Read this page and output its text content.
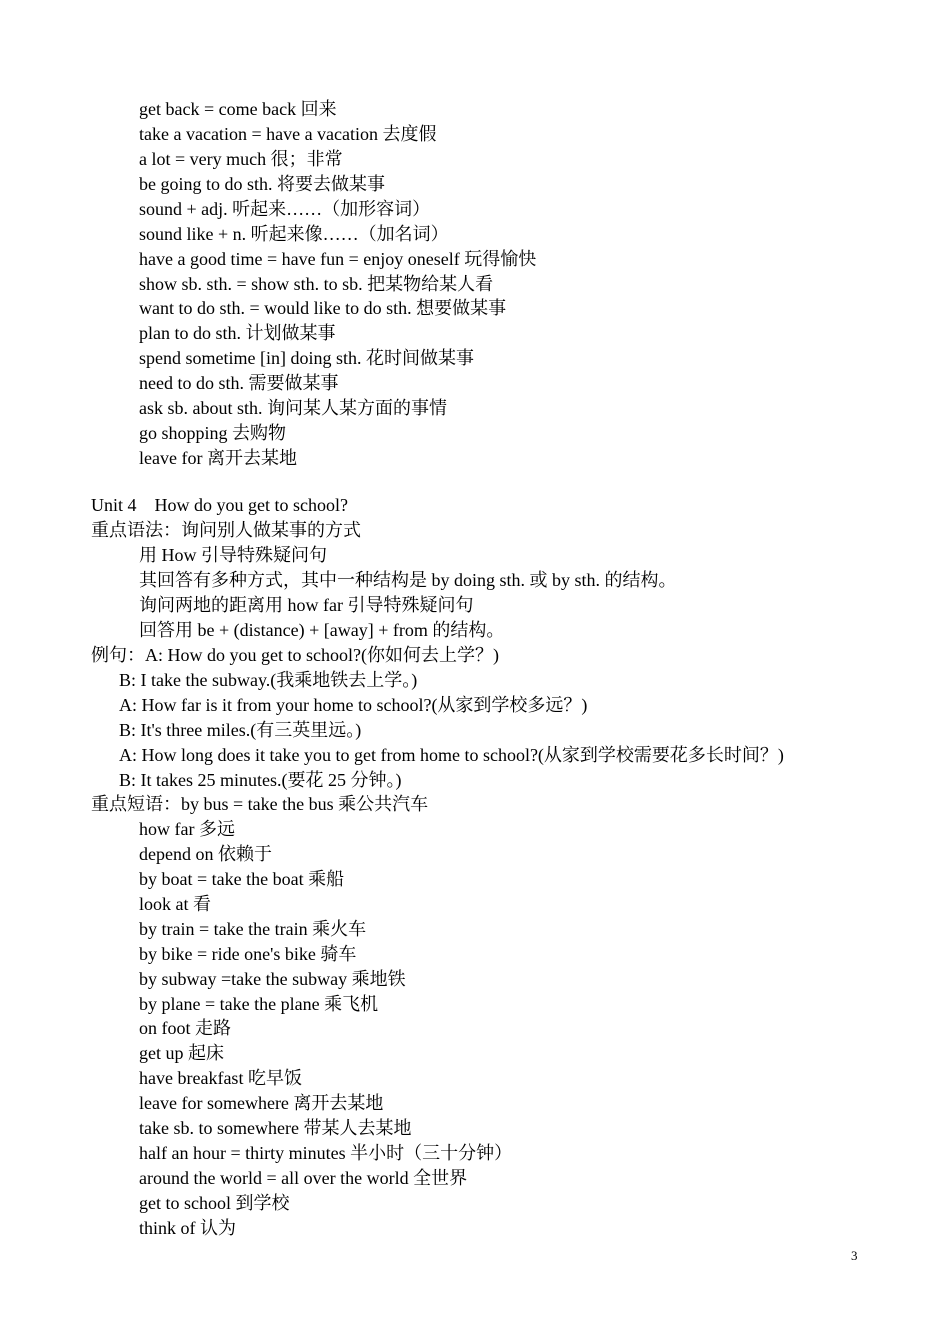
get back = come back 回来
take a vacation = have a vacation 去度假
a lot = very much 很；非常
be going to do sth. 将要去做某事
sound + adj. 听起来……（加形容词）
sound like + n. 听起来像……（加名词）
have a good time = have fun = enjoy oneself 玩得愉快
show sb. sth. = show sth. to sb. 把某物给某人看
want to do sth. = would like to do sth. 想要做某事
plan to do sth. 计划做某事
spend sometime [in] doing sth. 花时间做某事
need to do sth. 需要做某事
ask sb. about sth. 询问某人某方面的事情
go shopping 去购物
leave for 离开去某地
Unit 4    How do you get to school?
重点语法：询问别人做某事的方式
用 How 引导特殊疑问句
其回答有多种方式，其中一种结构是 by doing sth. 或 by sth. 的结构。
询问两地的距离用 how far 引导特殊疑问句
回答用 be + (distance) + [away] + from 的结构。
例句：A: How do you get to school?(你如何去上学？)
B: I take the subway.(我乘地铁去上学。)
A: How far is it from your home to school?(从家到学校多远？)
B: It's three miles.(有三英里远。)
A: How long does it take you to get from home to school?(从家到学校需要花多长时间？)
B: It takes 25 minutes.(要花 25 分钟。)
重点短语：by bus = take the bus 乘公共汽车
how far 多远
depend on 依赖于
by boat = take the boat 乘船
look at 看
by train = take the train 乘火车
by bike = ride one's bike 骑车
by subway =take the subway 乘地铁
by plane = take the plane 乘飞机
on foot 走路
get up 起床
have breakfast 吃早饭
leave for somewhere 离开去某地
take sb. to somewhere 带某人去某地
half an hour = thirty minutes 半小时（三十分钟）
around the world = all over the world 全世界
get to school 到学校
think of 认为
3
